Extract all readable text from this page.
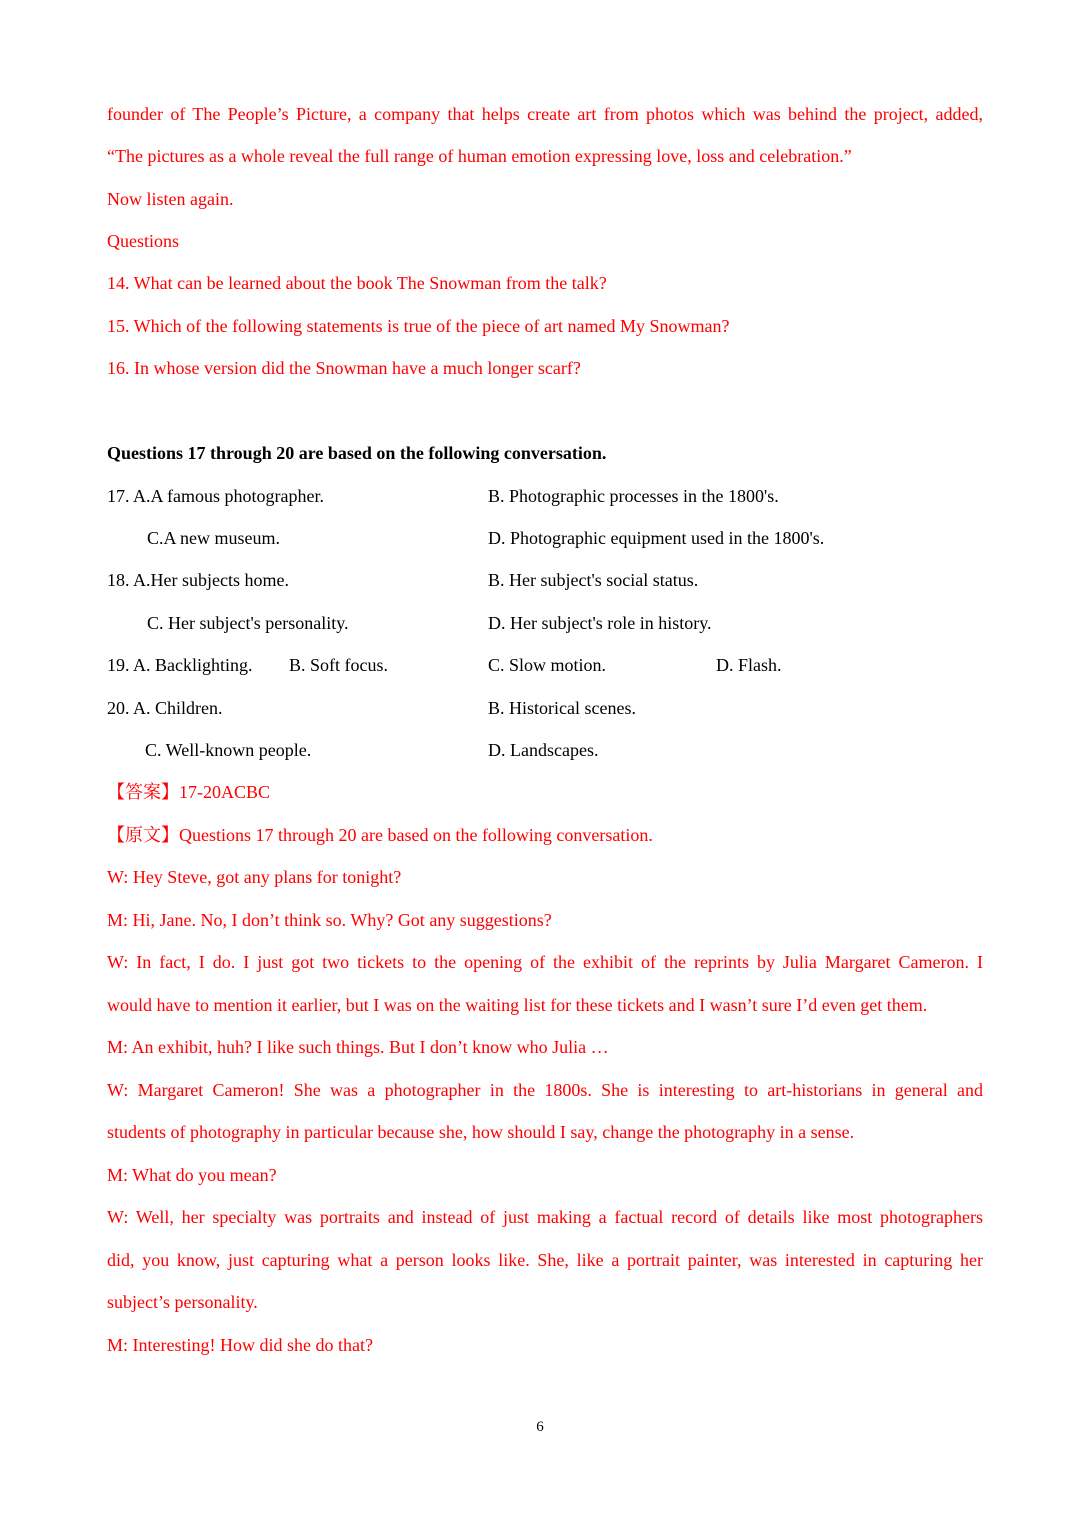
founder of The People’s Picture, a company that helps create art from photos which was behind the project, added,
“The pictures as a whole reveal the full range of human emotion expressing love, loss and celebration.”
Now listen again.
Questions
14. What can be learned about the book The Snowman from the talk?
15. Which of the following statements is true of the piece of art named My Snowman?
16. In whose version did the Snowman have a much longer scarf?
Questions 17 through 20 are based on the following conversation.
17. A.A famous photographer.	B. Photographic processes in the 1800's.
C.A new museum.	D. Photographic equipment used in the 1800's.
18. A.Her subjects home.	B. Her subject's social status.
C. Her subject's personality.	D. Her subject's role in history.
19. A. Backlighting. B. Soft focus.	C. Slow motion.	D. Flash.
20. A. Children.	B. Historical scenes.
C. Well-known people.	D. Landscapes.
【答案】17-20ACBC
【原文】Questions 17 through 20 are based on the following conversation.
W: Hey Steve, got any plans for tonight?
M: Hi, Jane. No, I don’t think so. Why? Got any suggestions?
W: In fact, I do. I just got two tickets to the opening of the exhibit of the reprints by Julia Margaret Cameron. I
would have to mention it earlier, but I was on the waiting list for these tickets and I wasn’t sure I’d even get them.
M: An exhibit, huh? I like such things. But I don’t know who Julia …
W: Margaret Cameron! She was a photographer in the 1800s. She is interesting to art-historians in general and
students of photography in particular because she, how should I say, change the photography in a sense.
M: What do you mean?
W: Well, her specialty was portraits and instead of just making a factual record of details like most photographers
did, you know, just capturing what a person looks like. She, like a portrait painter, was interested in capturing her
subject’s personality.
M: Interesting! How did she do that?
6
